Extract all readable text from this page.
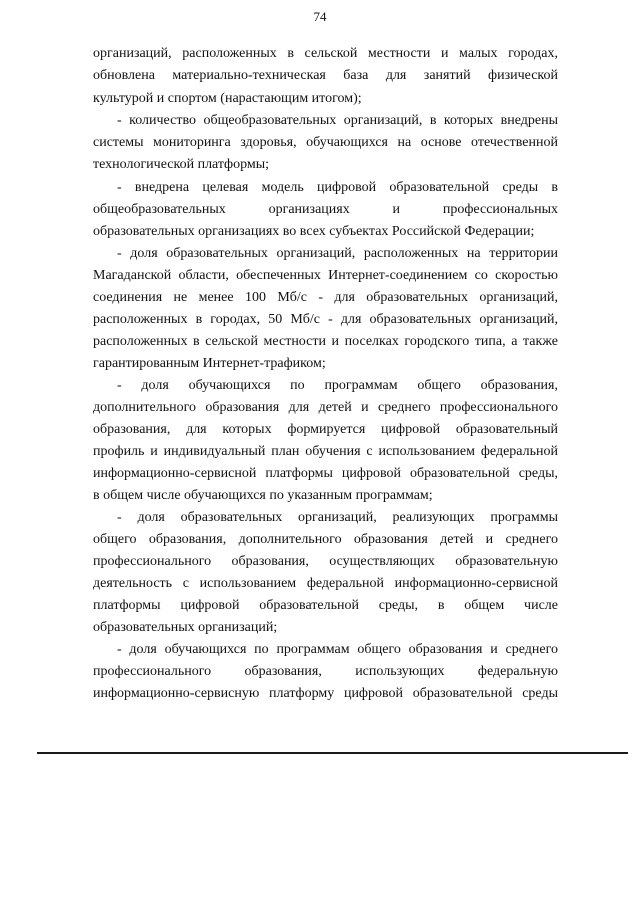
74
организаций, расположенных в сельской местности и малых городах,
обновлена материально-техническая база для занятий физической
культурой и спортом (нарастающим итогом);
- количество общеобразовательных организаций, в которых внедрены
системы мониторинга здоровья, обучающихся на основе отечественной
технологической платформы;
- внедрена целевая модель цифровой образовательной среды в
общеобразовательных организациях и профессиональных
образовательных организациях во всех субъектах Российской Федерации;
- доля образовательных организаций, расположенных на территории
Магаданской области, обеспеченных Интернет-соединением со скоростью
соединения не менее 100 Мб/с - для образовательных организаций,
расположенных в городах, 50 Мб/с - для образовательных организаций,
расположенных в сельской местности и поселках городского типа, а также
гарантированным Интернет-трафиком;
- доля обучающихся по программам общего образования,
дополнительного образования для детей и среднего профессионального
образования, для которых формируется цифровой образовательный
профиль и индивидуальный план обучения с использованием федеральной
информационно-сервисной платформы цифровой образовательной среды,
в общем числе обучающихся по указанным программам;
- доля образовательных организаций, реализующих программы
общего образования, дополнительного образования детей и среднего
профессионального образования, осуществляющих образовательную
деятельность с использованием федеральной информационно-сервисной
платформы цифровой образовательной среды, в общем числе
образовательных организаций;
- доля обучающихся по программам общего образования и среднего
профессионального образования, использующих федеральную
информационно-сервисную платформу цифровой образовательной среды
